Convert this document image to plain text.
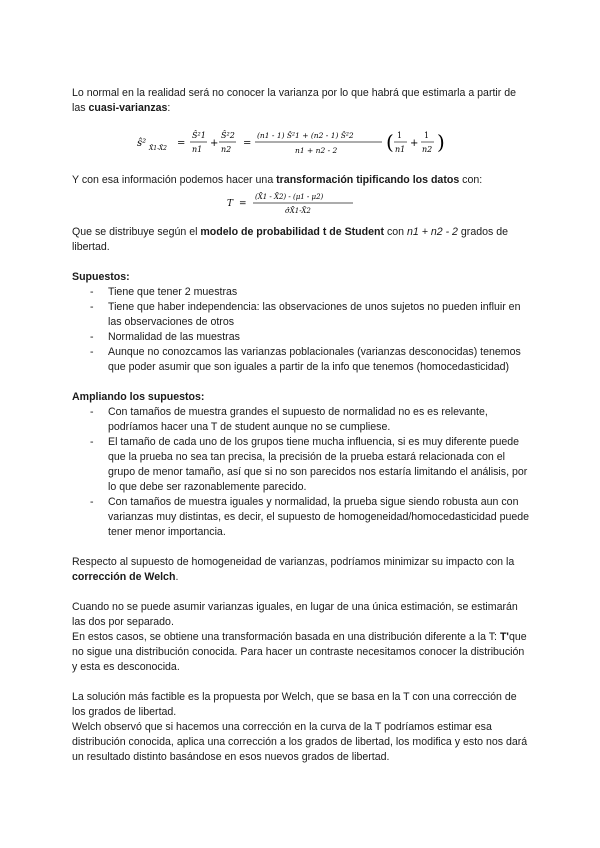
Lo normal en la realidad será no conocer la varianza por lo que habrá que estimarla a partir de las cuasi-varianzas:

ŝ² X̄1-X̄2 =
Ŝ²1
n1
+
Ŝ²2
n2
=
(n1 - 1) Ŝ²1 + (n2 - 1) Ŝ²2
n1 + n2 - 2 ( 1
n1
+
1
n2 )

Y con esa información podemos hacer una transformación tipificando los datos con:

T =
(X̄1 - X̄2) - (μ1 - μ2)
σ̂X̄1-X̄2

Que se distribuye según el modelo de probabilidad t de Student con n1 + n2 - 2 grados de libertad.

Supuestos:

- Tiene que tener 2 muestras
- Tiene que haber independencia: las observaciones de unos sujetos no pueden influir en las observaciones de otros
- Normalidad de las muestras
- Aunque no conozcamos las varianzas poblacionales (varianzas desconocidas) tenemos que poder asumir que son iguales a partir de la info que tenemos (homocedasticidad)

Ampliando los supuestos:

- Con tamaños de muestra grandes el supuesto de normalidad no es es relevante, podríamos hacer una T de student aunque no se cumpliese.
- El tamaño de cada uno de los grupos tiene mucha influencia, si es muy diferente puede que la prueba no sea tan precisa, la precisión de la prueba estará relacionada con el grupo de menor tamaño, así que si no son parecidos nos estaría limitando el análisis, por lo que debe ser razonablemente parecido.
- Con tamaños de muestra iguales y normalidad, la prueba sigue siendo robusta aun con varianzas muy distintas, es decir, el supuesto de homogeneidad/homocedasticidad puede tener menor importancia.

Respecto al supuesto de homogeneidad de varianzas, podríamos minimizar su impacto con la corrección de Welch.

Cuando no se puede asumir varianzas iguales, en lugar de una única estimación, se estimarán las dos por separado.

En estos casos, se obtiene una transformación basada en una distribución diferente a la T: T'que no sigue una distribución conocida. Para hacer un contraste necesitamos conocer la distribución y esta es desconocida.

La solución más factible es la propuesta por Welch, que se basa en la T con una corrección de los grados de libertad.

Welch observó que si hacemos una corrección en la curva de la T podríamos estimar esa distribución conocida, aplica una corrección a los grados de libertad, los modifica y esto nos dará un resultado distinto basándose en esos nuevos grados de libertad.
